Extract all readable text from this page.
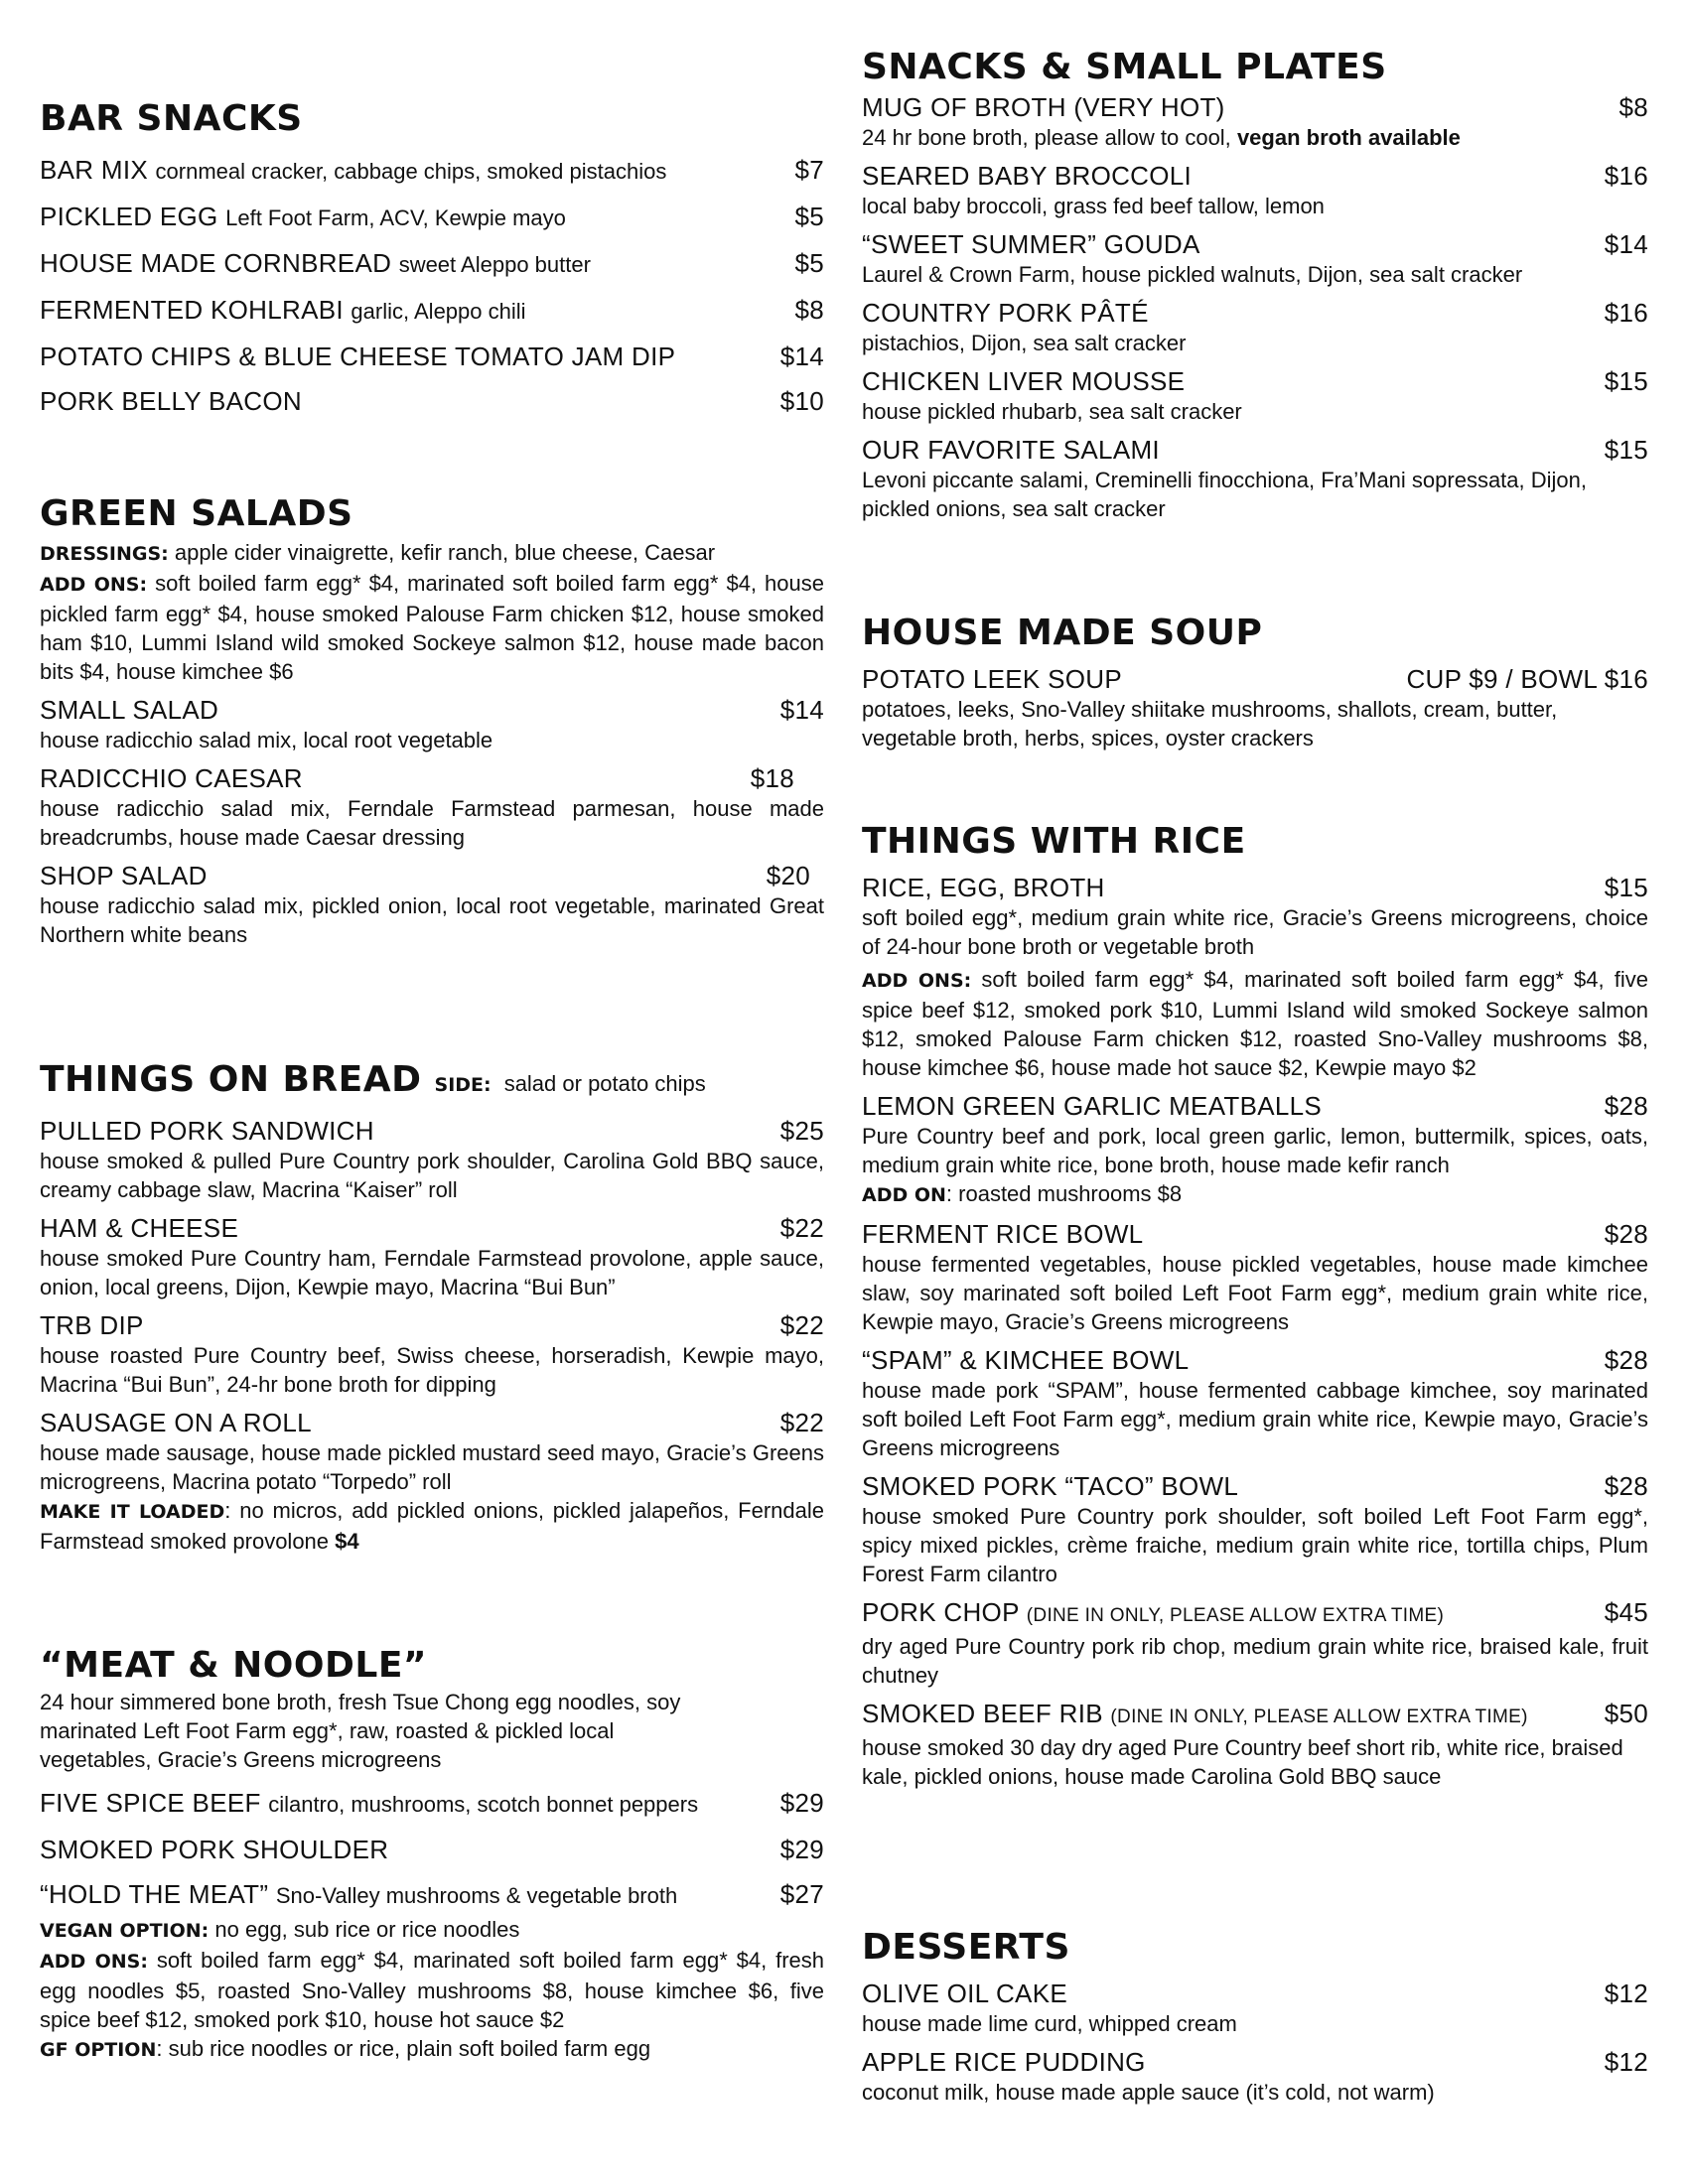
BAR SNACKS
BAR MIX cornmeal cracker, cabbage chips, smoked pistachios	$7
PICKLED EGG Left Foot Farm, ACV, Kewpie mayo	$5
HOUSE MADE CORNBREAD sweet Aleppo butter	$5
FERMENTED KOHLRABI garlic, Aleppo chili	$8
POTATO CHIPS & BLUE CHEESE TOMATO JAM DIP	$14
PORK BELLY BACON	$10
GREEN SALADS

DRESSINGS: apple cider vinaigrette, kefir ranch, blue cheese, Caesar

ADD ONS: soft boiled farm egg* $4, marinated soft boiled farm egg* $4, house pickled farm egg* $4, house smoked Palouse Farm chicken $12, house smoked ham $10, Lummi Island wild smoked Sockeye salmon $12, house made bacon bits $4, house kimchee $6

SMALL SALAD	$14

house radicchio salad mix, local root vegetable

RADICCHIO CAESAR	$18

house radicchio salad mix, Ferndale Farmstead parmesan, house made breadcrumbs, house made Caesar dressing

SHOP SALAD	$20

house radicchio salad mix, pickled onion, local root vegetable, marinated Great Northern white beans

THINGS ON BREAD SIDE: salad or potato chips
PULLED PORK SANDWICH	$25

house smoked & pulled Pure Country pork shoulder, Carolina Gold BBQ sauce, creamy cabbage slaw, Macrina “Kaiser” roll

HAM & CHEESE	$22

house smoked Pure Country ham, Ferndale Farmstead provolone, apple sauce, onion, local greens, Dijon, Kewpie mayo, Macrina “Bui Bun”

TRB DIP	$22

house roasted Pure Country beef, Swiss cheese, horseradish, Kewpie mayo, Macrina “Bui Bun”, 24-hr bone broth for dipping

SAUSAGE ON A ROLL	$22

house made sausage, house made pickled mustard seed mayo, Gracie’s Greens microgreens, Macrina potato “Torpedo” roll

MAKE IT LOADED: no micros, add pickled onions, pickled jalapeños, Ferndale Farmstead smoked provolone $4

“MEAT & NOODLE”

24 hour simmered bone broth, fresh Tsue Chong egg noodles, soy marinated Left Foot Farm egg*, raw, roasted & pickled local vegetables, Gracie’s Greens microgreens

FIVE SPICE BEEF cilantro, mushrooms, scotch bonnet peppers	$29
SMOKED PORK SHOULDER	$29
“HOLD THE MEAT” Sno-Valley mushrooms & vegetable broth	$27

VEGAN OPTION: no egg, sub rice or rice noodles

ADD ONS: soft boiled farm egg* $4, marinated soft boiled farm egg* $4, fresh egg noodles $5, roasted Sno-Valley mushrooms $8, house kimchee $6, five spice beef $12, smoked pork $10, house hot sauce $2

GF OPTION: sub rice noodles or rice, plain soft boiled farm egg

SNACKS & SMALL PLATES
MUG OF BROTH (VERY HOT)	$8

24 hr bone broth, please allow to cool, vegan broth available

SEARED BABY BROCCOLI	$16

local baby broccoli, grass fed beef tallow, lemon

“SWEET SUMMER” GOUDA	$14

Laurel & Crown Farm, house pickled walnuts, Dijon, sea salt cracker

COUNTRY PORK PÂTÉ	$16

pistachios, Dijon, sea salt cracker

CHICKEN LIVER MOUSSE	$15

house pickled rhubarb, sea salt cracker

OUR FAVORITE SALAMI	$15

Levoni piccante salami, Creminelli finocchiona, Fra’Mani sopressata, Dijon, pickled onions, sea salt cracker

HOUSE MADE SOUP
POTATO LEEK SOUP	CUP $9 / BOWL $16

potatoes, leeks, Sno-Valley shiitake mushrooms, shallots, cream, butter, vegetable broth, herbs, spices, oyster crackers

THINGS WITH RICE
RICE, EGG, BROTH	$15

soft boiled egg*, medium grain white rice, Gracie’s Greens microgreens, choice of 24-hour bone broth or vegetable broth

ADD ONS: soft boiled farm egg* $4, marinated soft boiled farm egg* $4, five spice beef $12, smoked pork $10, Lummi Island wild smoked Sockeye salmon $12, smoked Palouse Farm chicken $12, roasted Sno-Valley mushrooms $8, house kimchee $6, house made hot sauce $2, Kewpie mayo $2

LEMON GREEN GARLIC MEATBALLS	$28

Pure Country beef and pork, local green garlic, lemon, buttermilk, spices, oats, medium grain white rice, bone broth, house made kefir ranch

ADD ON: roasted mushrooms $8

FERMENT RICE BOWL	$28

house fermented vegetables, house pickled vegetables, house made kimchee slaw, soy marinated soft boiled Left Foot Farm egg*, medium grain white rice, Kewpie mayo, Gracie’s Greens microgreens

“SPAM” & KIMCHEE BOWL	$28

house made pork “SPAM”, house fermented cabbage kimchee, soy marinated soft boiled Left Foot Farm egg*, medium grain white rice, Kewpie mayo, Gracie’s Greens microgreens

SMOKED PORK “TACO” BOWL	$28

house smoked Pure Country pork shoulder, soft boiled Left Foot Farm egg*, spicy mixed pickles, crème fraiche, medium grain white rice, tortilla chips, Plum Forest Farm cilantro

PORK CHOP (DINE IN ONLY, PLEASE ALLOW EXTRA TIME)	$45

dry aged Pure Country pork rib chop, medium grain white rice, braised kale, fruit chutney

SMOKED BEEF RIB (DINE IN ONLY, PLEASE ALLOW EXTRA TIME)	$50

house smoked 30 day dry aged Pure Country beef short rib, white rice, braised kale, pickled onions, house made Carolina Gold BBQ sauce

DESSERTS
OLIVE OIL CAKE	$12

house made lime curd, whipped cream

APPLE RICE PUDDING	$12

coconut milk, house made apple sauce (it’s cold, not warm)
